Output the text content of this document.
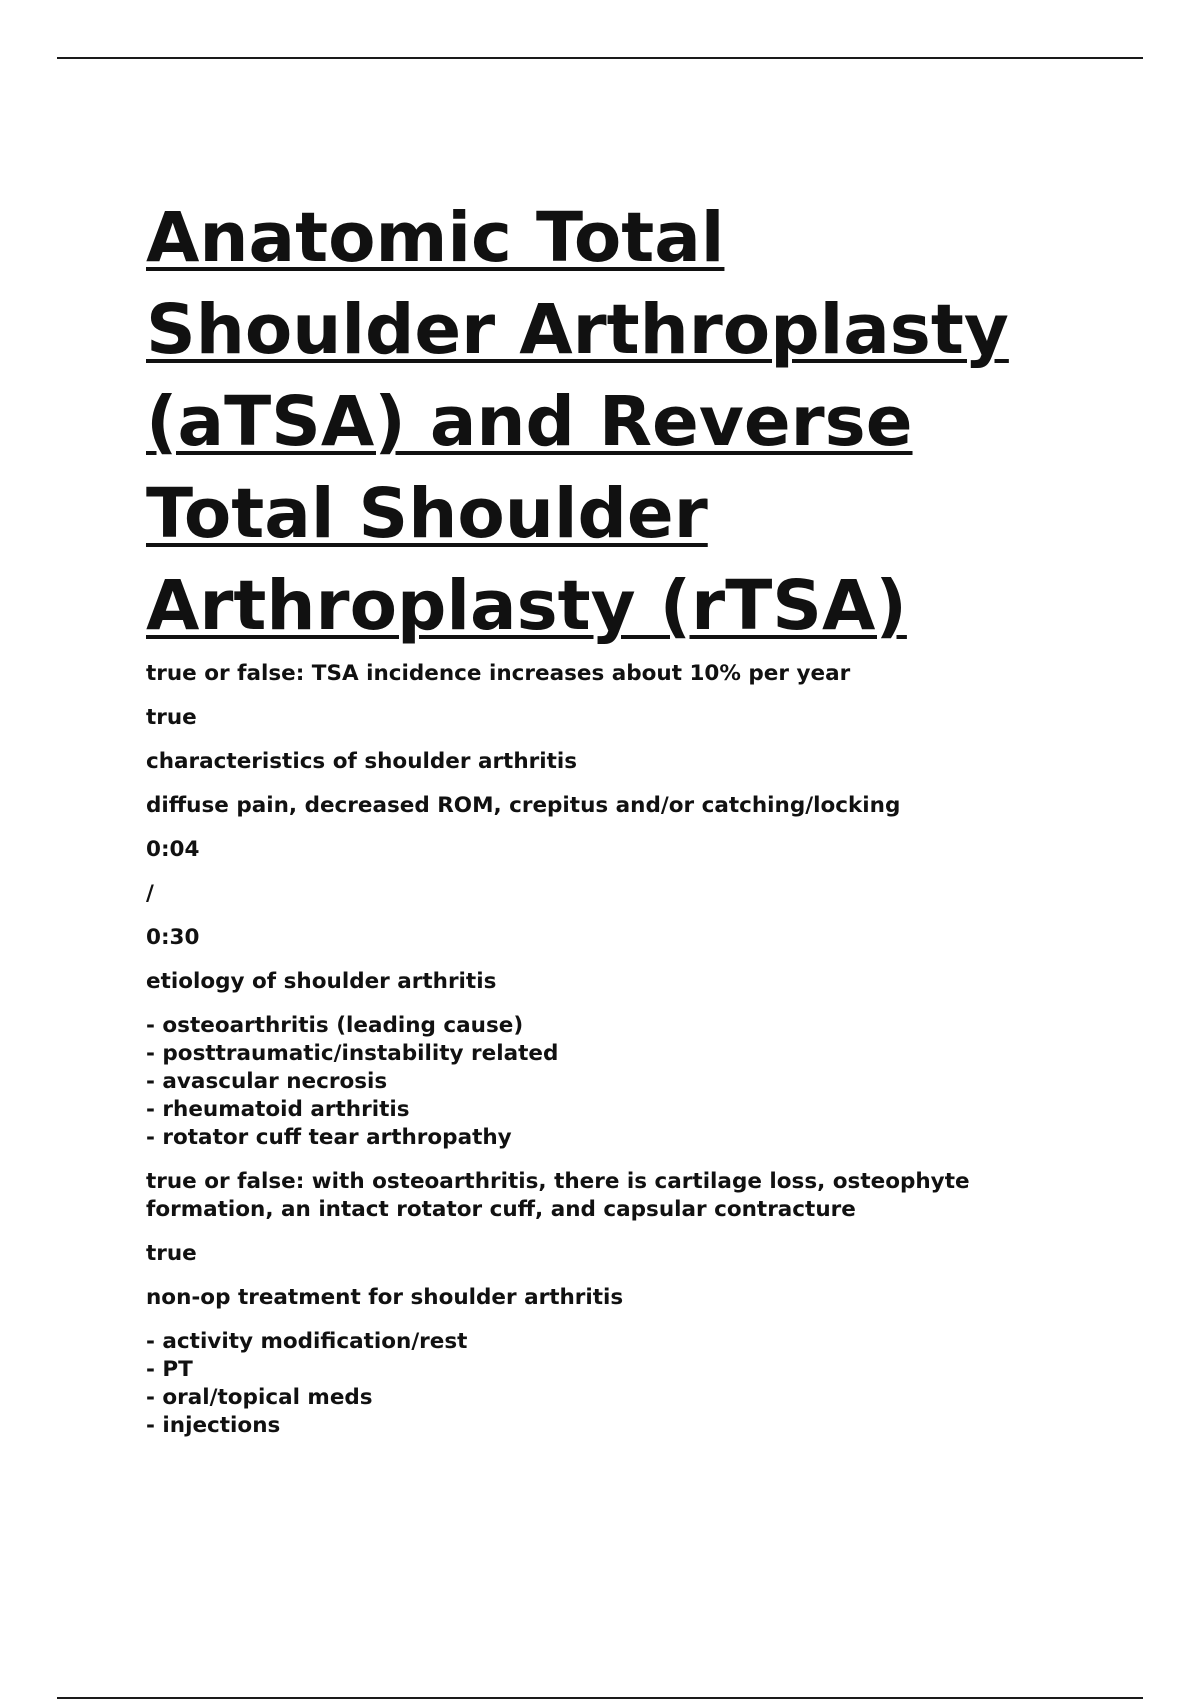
Anatomic Total
Shoulder Arthroplasty
(aTSA) and Reverse
Total Shoulder
Arthroplasty (rTSA)
true or false: TSA incidence increases about 10% per year
true
characteristics of shoulder arthritis
diffuse pain, decreased ROM, crepitus and/or catching/locking
0:04
/
0:30
etiology of shoulder arthritis
- osteoarthritis (leading cause)
- posttraumatic/instability related
- avascular necrosis
- rheumatoid arthritis
- rotator cuff tear arthropathy
true or false: with osteoarthritis, there is cartilage loss, osteophyte
formation, an intact rotator cuff, and capsular contracture
true
non-op treatment for shoulder arthritis
- activity modification/rest
- PT
- oral/topical meds
- injections
